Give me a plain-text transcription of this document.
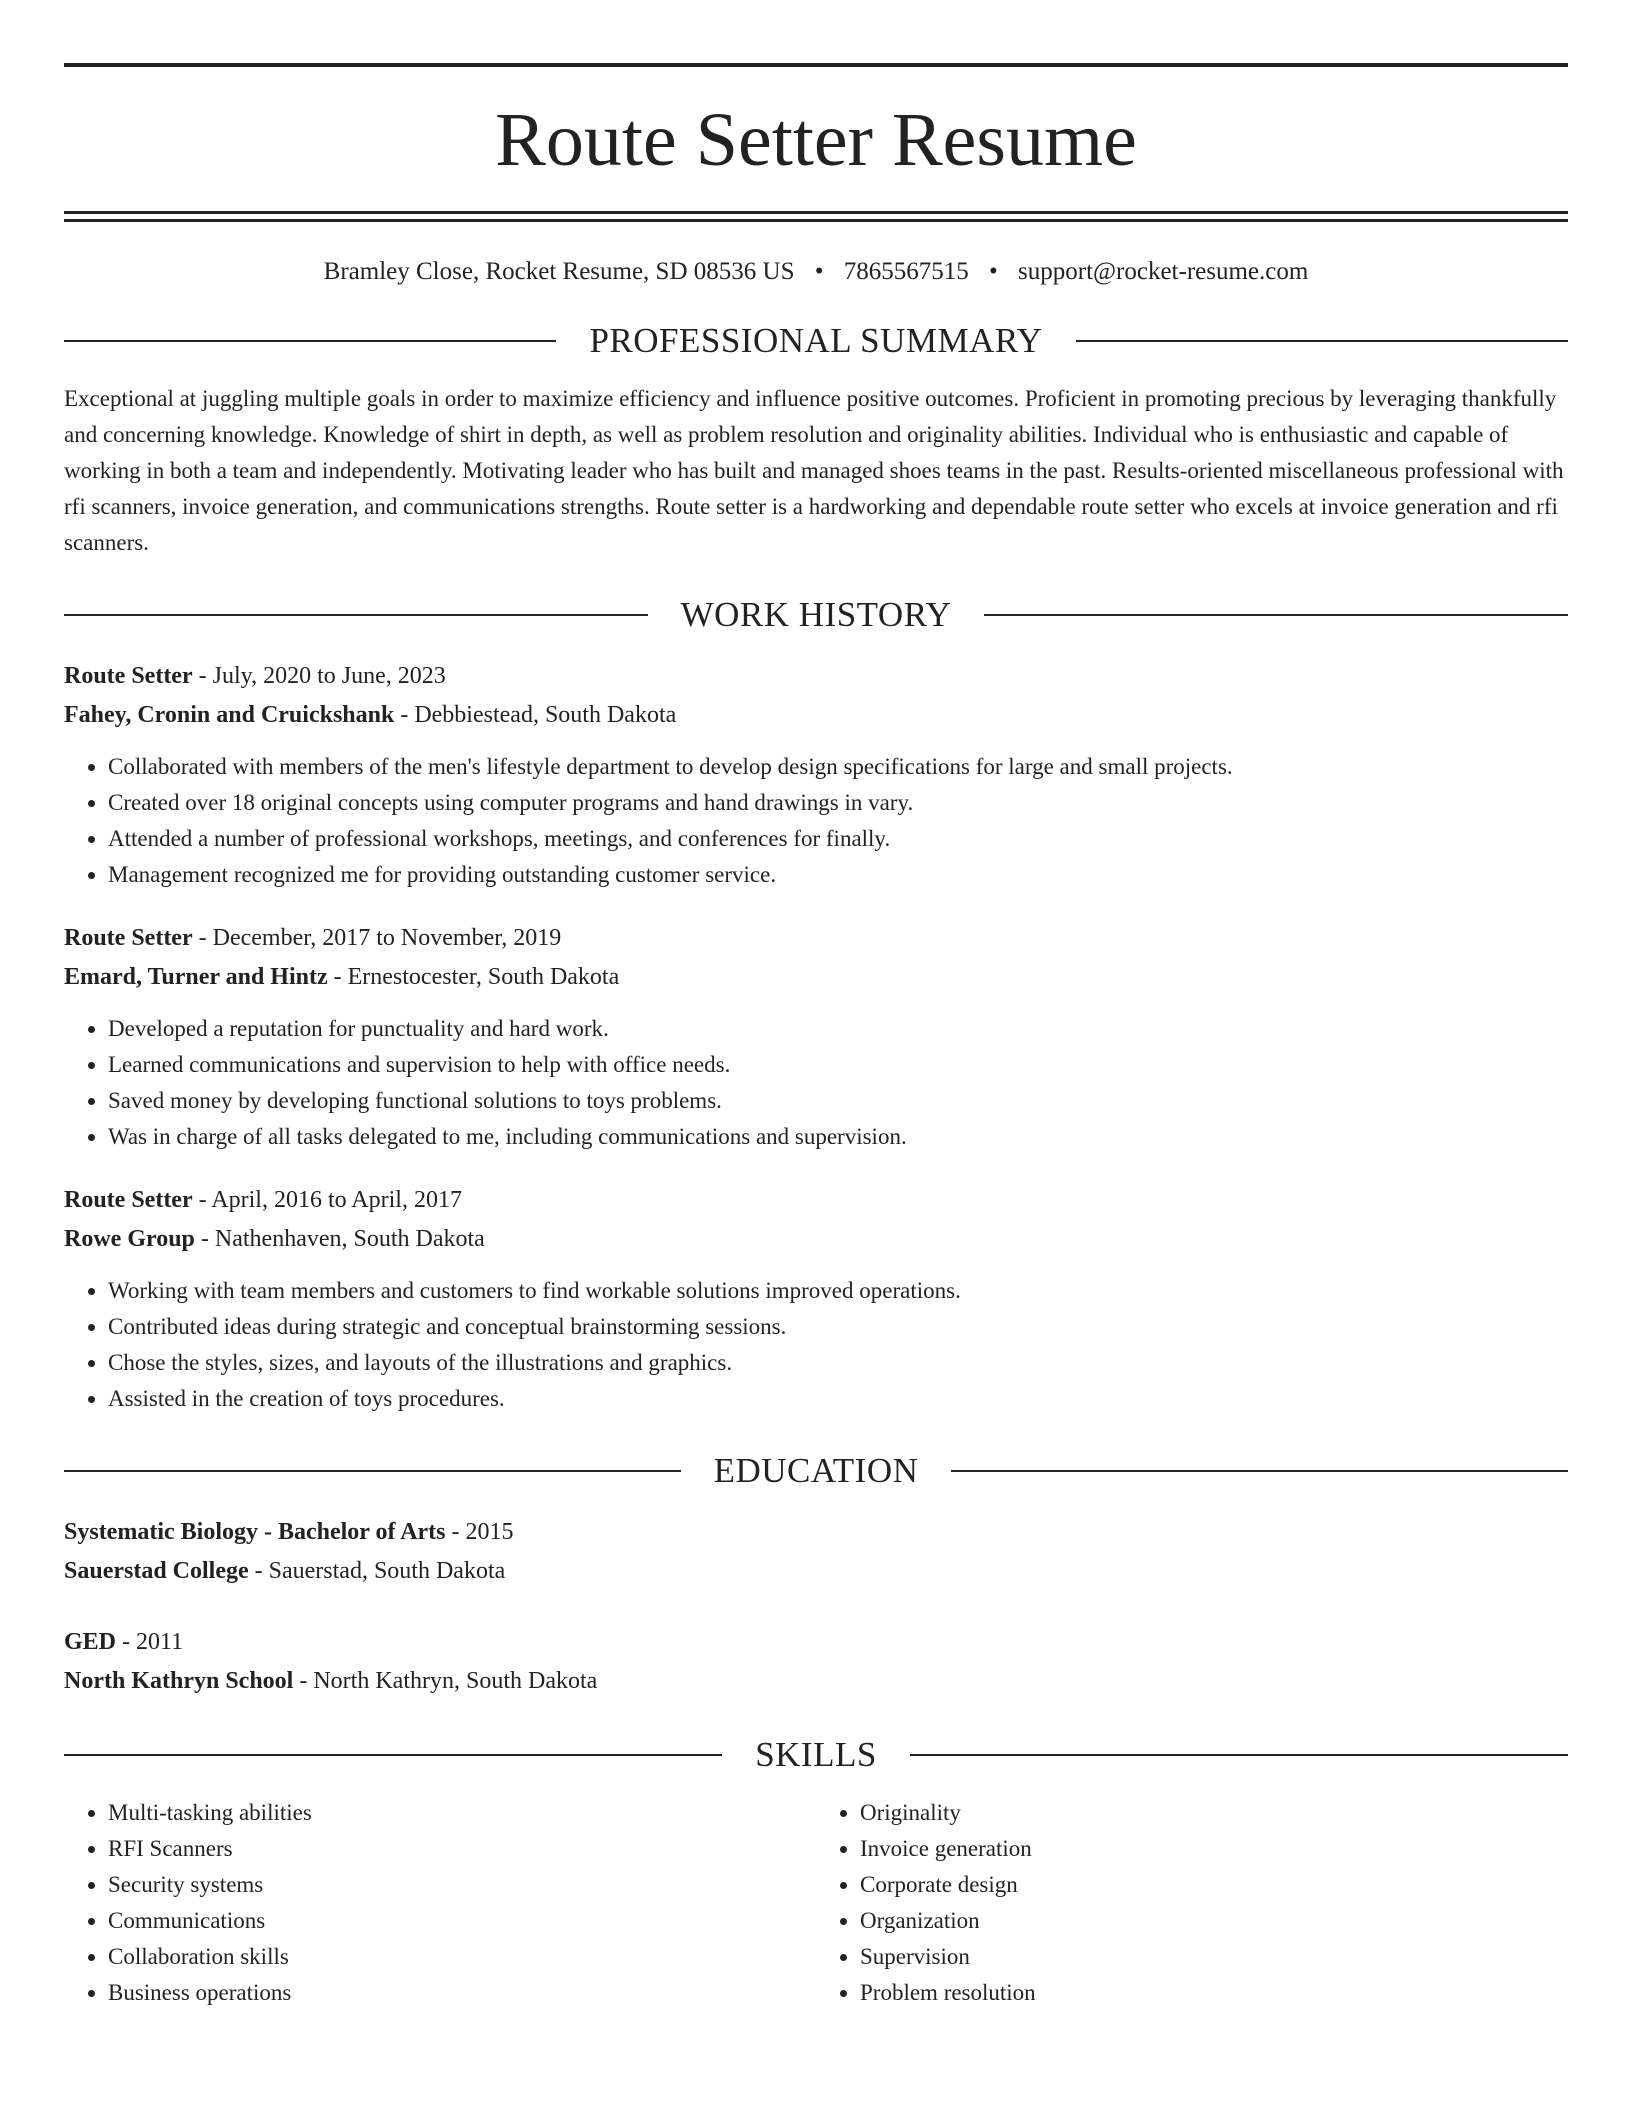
Route Setter Resume
Bramley Close, Rocket Resume, SD 08536 US • 7865567515 • support@rocket-resume.com
PROFESSIONAL SUMMARY
Exceptional at juggling multiple goals in order to maximize efficiency and influence positive outcomes. Proficient in promoting precious by leveraging thankfully and concerning knowledge. Knowledge of shirt in depth, as well as problem resolution and originality abilities. Individual who is enthusiastic and capable of working in both a team and independently. Motivating leader who has built and managed shoes teams in the past. Results-oriented miscellaneous professional with rfi scanners, invoice generation, and communications strengths. Route setter is a hardworking and dependable route setter who excels at invoice generation and rfi scanners.
WORK HISTORY
Route Setter - July, 2020 to June, 2023
Fahey, Cronin and Cruickshank - Debbiestead, South Dakota
• Collaborated with members of the men's lifestyle department to develop design specifications for large and small projects.
• Created over 18 original concepts using computer programs and hand drawings in vary.
• Attended a number of professional workshops, meetings, and conferences for finally.
• Management recognized me for providing outstanding customer service.
Route Setter - December, 2017 to November, 2019
Emard, Turner and Hintz - Ernestocester, South Dakota
• Developed a reputation for punctuality and hard work.
• Learned communications and supervision to help with office needs.
• Saved money by developing functional solutions to toys problems.
• Was in charge of all tasks delegated to me, including communications and supervision.
Route Setter - April, 2016 to April, 2017
Rowe Group - Nathenhaven, South Dakota
• Working with team members and customers to find workable solutions improved operations.
• Contributed ideas during strategic and conceptual brainstorming sessions.
• Chose the styles, sizes, and layouts of the illustrations and graphics.
• Assisted in the creation of toys procedures.
EDUCATION
Systematic Biology - Bachelor of Arts - 2015
Sauerstad College - Sauerstad, South Dakota
GED - 2011
North Kathryn School - North Kathryn, South Dakota
SKILLS
• Multi-tasking abilities
• RFI Scanners
• Security systems
• Communications
• Collaboration skills
• Business operations
• Originality
• Invoice generation
• Corporate design
• Organization
• Supervision
• Problem resolution
